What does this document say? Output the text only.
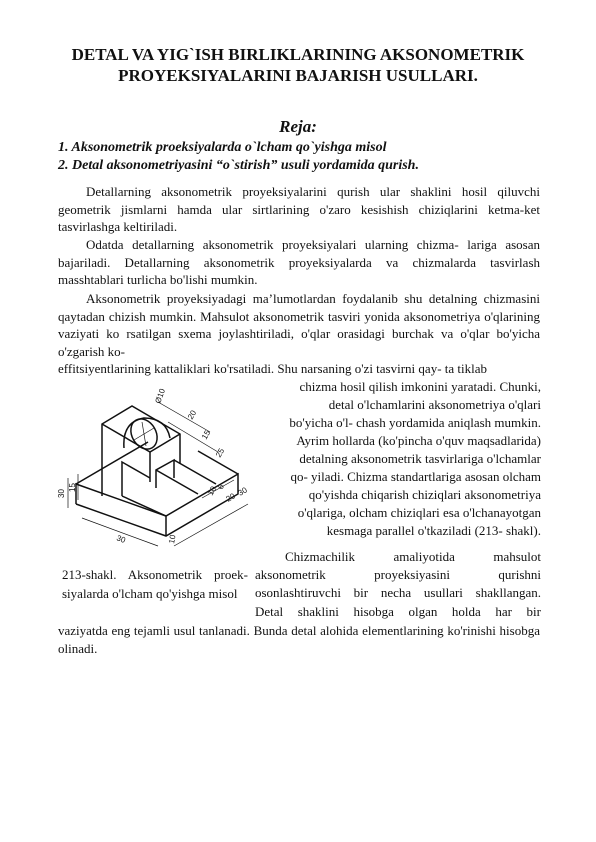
DETAL VA YIG`ISH BIRLIKLARINING AKSONOMETRIK PROYEKSIYALARINI BAJARISH USULLARI.
Reja:
1. Aksonometrik proeksiyalarda o`lcham qo`yishga misol
2. Detal aksonometriyasini “o`stirish” usuli yordamida qurish.

Detallarning aksonometrik proyeksiyalarini qurish ular shaklini hosil qiluvchi geometrik jismlarni hamda ular sirtlarining o'zaro kesishish chiziqlarini ketma-ket tasvirlashga keltiriladi.

Odatda detallarning aksonometrik proyeksiyalari ularning chizma- lariga asosan bajariladi. Detallarning aksonometrik proyeksiyalarda va chizmalarda tasvirlash masshtablari turlicha bo'lishi mumkin.

Aksonometrik proyeksiyadagi ma’lumotlardan foydalanib shu detalning chizmasini qaytadan chizish mumkin. Mahsulot aksonometrik tasviri yonida aksonometriya o'qlarining vaziyati ko rsatilgan sxema joylashtiriladi, o'qlar orasidagi burchak va o'qlar bo'yicha o'zgarish ko-

effitsiyentlarining kattaliklari ko'rsatiladi. Shu narsaning o'zi tasvirni qay- ta tiklab
chizma hosil qilish imkonini yaratadi. Chunki,
detal o'lchamlarini aksonometriya o'qlari
bo'yicha o'l- chash yordamida aniqlash mumkin.
Ayrim hollarda (ko'pincha o'quv maqsadlarida)
detalning aksonometrik tasvirlariga o'lchamlar
qo- yiladi. Chizma standartlariga asosan olcham
qo'yishda chiqarish chiziqlari aksonometriya
o'qlariga, olcham chiziqlari esa o'lchanayotgan
kesmaga parallel o'tkaziladi (213- shakl).
Chizmachilik amaliyotida mahsulot
aksonometrik proyeksiyasini qurishni
osonlashtiruvchi bir necha usullari shakllangan.
Detal shaklini hisobga olgan holda har bir

vaziyatda eng tejamli usul tanlanadi. Bunda detal alohida elementlarining ko'rinishi hisobga olinadi.

213-shakl. Aksonometrik proek- siyalarda o'lcham qo'yishga misol
Ø10
20
15
25
30
15	10
6
20 30
10
30
